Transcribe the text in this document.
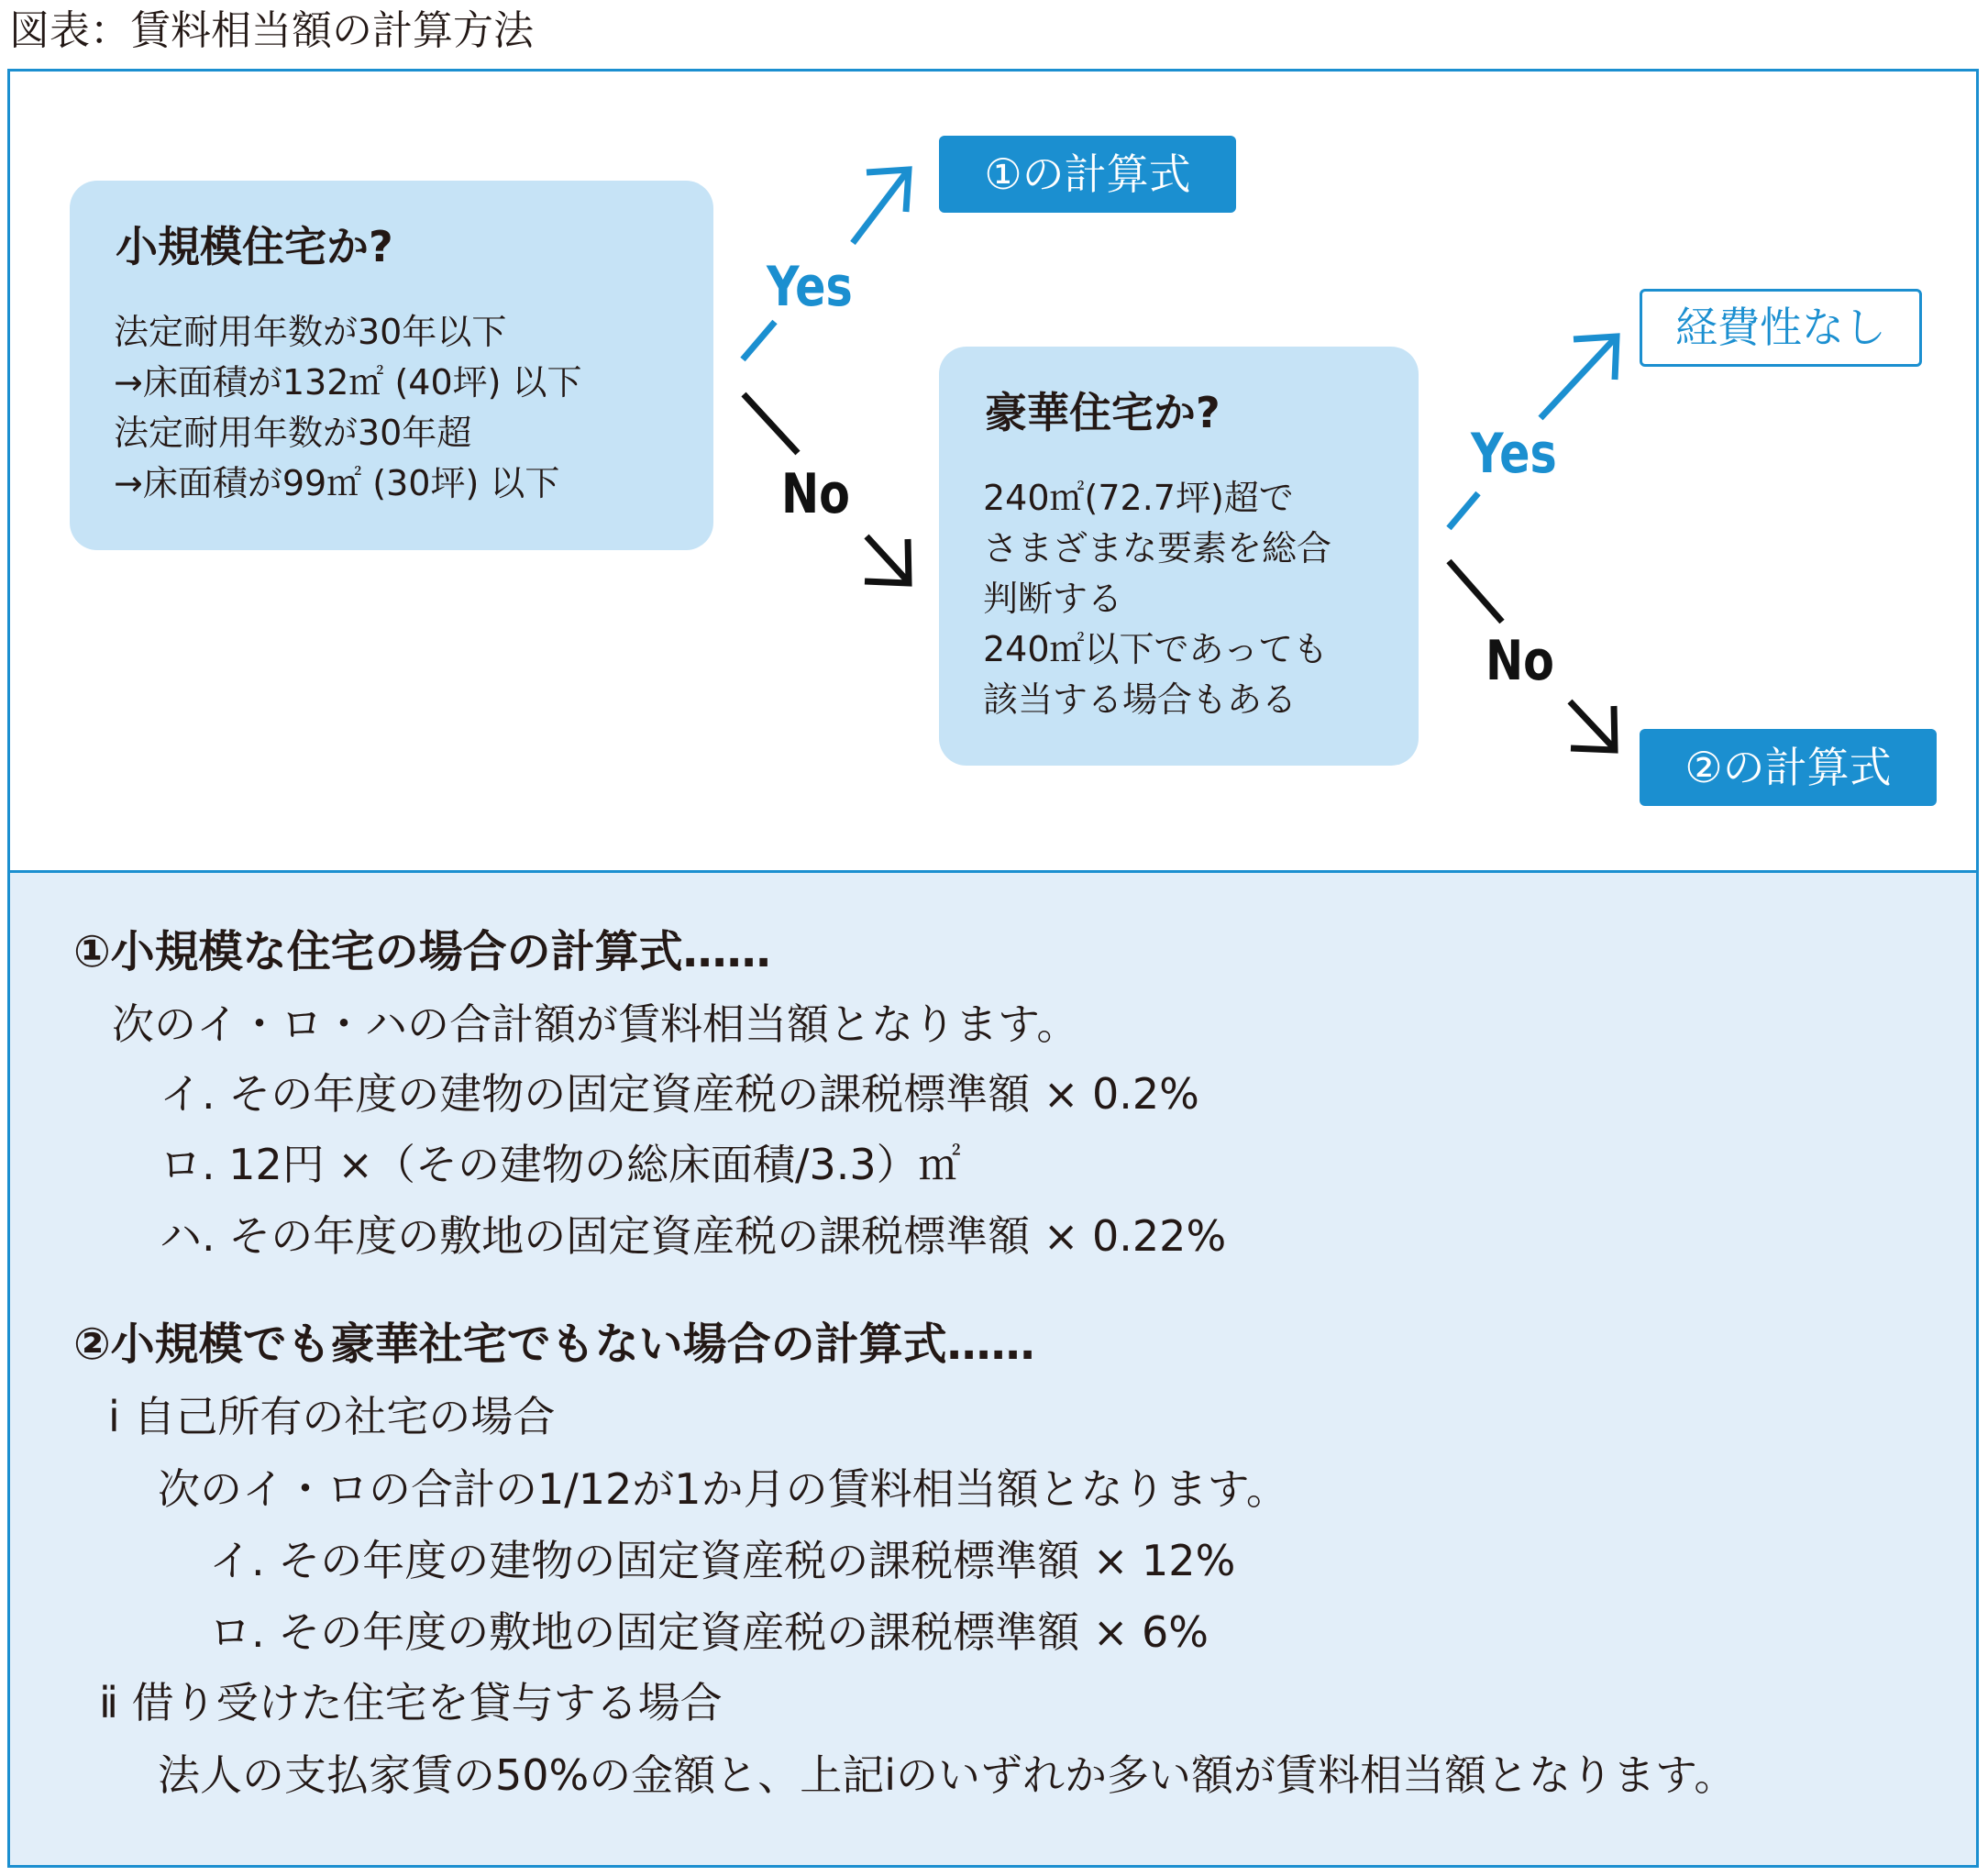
図表：賃料相当額の計算方法
小規模住宅か?
法定耐用年数が30年以下
→床面積が132㎡ (40坪) 以下
法定耐用年数が30年超
→床面積が99㎡ (30坪) 以下
豪華住宅か?
240㎡(72.7坪)超で
さまざまな要素を総合
判断する
240㎡以下であっても
該当する場合もある
①の計算式
経費性なし
②の計算式
Yes
No
Yes
No
①小規模な住宅の場合の計算式……
次のイ・ロ・ハの合計額が賃料相当額となります。
イ. その年度の建物の固定資産税の課税標準額 × 0.2%
ロ. 12円 ×（その建物の総床面積/3.3）㎡
ハ. その年度の敷地の固定資産税の課税標準額 × 0.22%
②小規模でも豪華社宅でもない場合の計算式……
ⅰ 自己所有の社宅の場合
次のイ・ロの合計の1/12が1か月の賃料相当額となります。
イ. その年度の建物の固定資産税の課税標準額 × 12%
ロ. その年度の敷地の固定資産税の課税標準額 × 6%
ⅱ 借り受けた住宅を貸与する場合
法人の支払家賃の50%の金額と、上記ⅰのいずれか多い額が賃料相当額となります。
